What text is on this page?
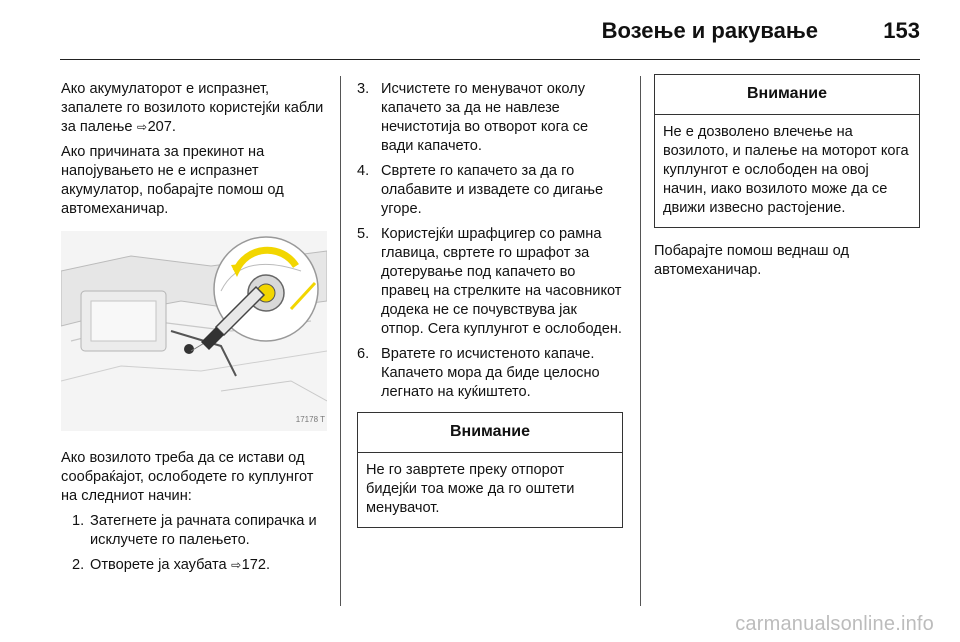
Возење и ракување	153

Ако акумулаторот е испразнет, запалете го возилото користејќи кабли за палење ⇨207.

Ако причината за прекинот на напојувањето не е испразнет акумулатор, побарајте помош од автомеханичар.

17178 T

Ако возилото треба да се истави од сообраќајот, ослободете го куплунгот на следниот начин:

1. Затегнете ја рачната сопирачка и исклучете го палењето.
2. Отворете ја хаубата ⇨172.
3. Исчистете го менувачот околу капачето за да не навлезе нечистотија во отворот кога се вади капачето.
4. Свртете го капачето за да го олабавите и извадете со дигање угоре.
5. Користејќи шрафцигер со рамна главица, свртете го шрафот за дотерување под капачето во правец на стрелките на часовникот додека не се почувствува јак отпор. Сега куплунгот е ослободен.
6. Вратете го исчистеното капаче. Капачето мора да биде целосно легнато на куќиштето.
Внимание
Не го завртете преку отпорот бидејќи тоа може да го оштети менувачот.
Внимание
Не е дозволено влечење на возилото, и палење на моторот кога куплунгот е ослободен на овој начин, иако возилото може да се движи извесно растојение.

Побарајте помош веднаш од автомеханичар.

carmanualsonline.info
